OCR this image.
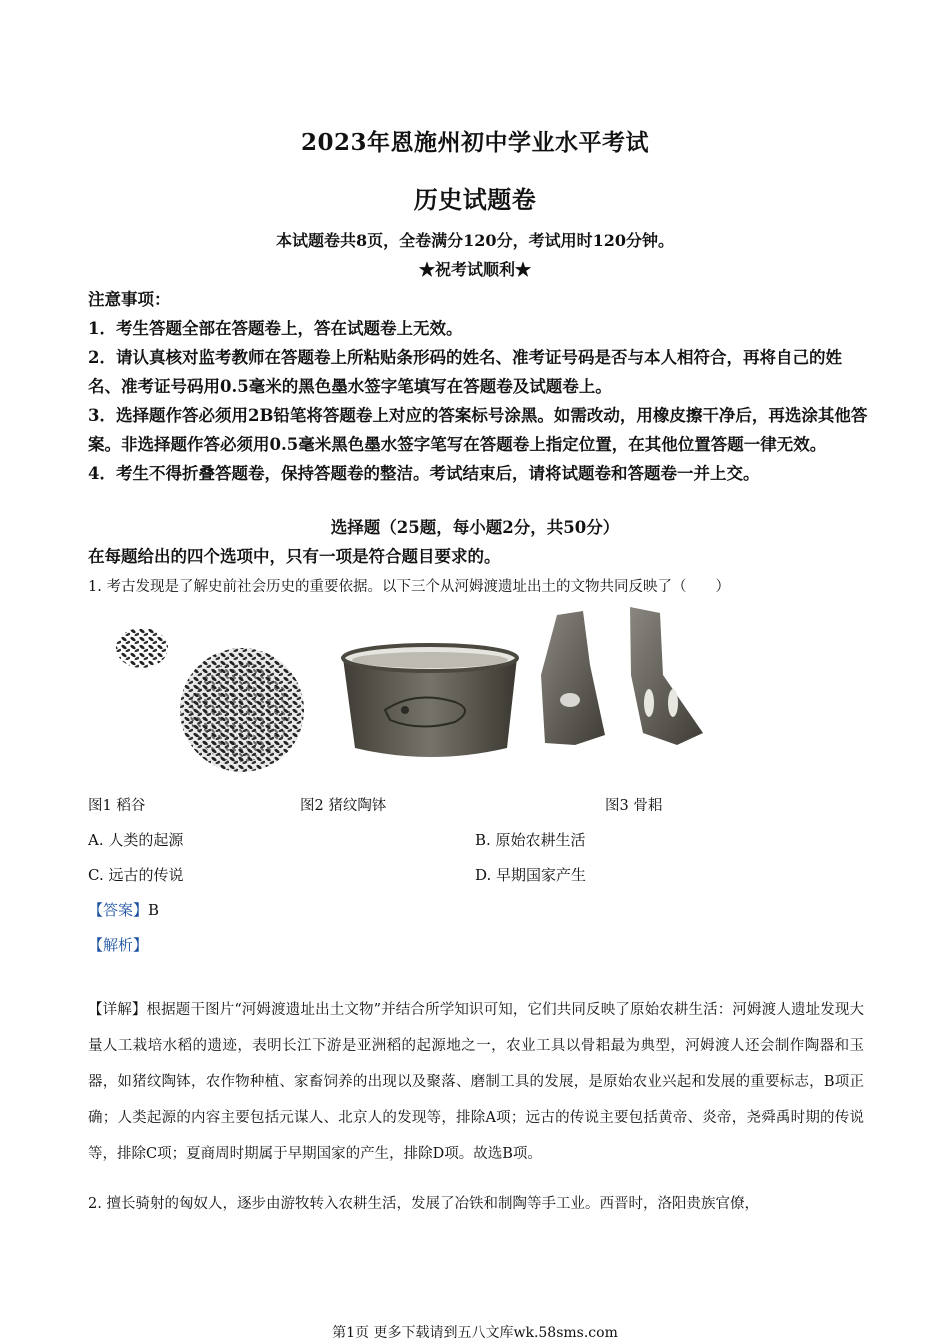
2023年恩施州初中学业水平考试
历史试题卷
本试题卷共8页，全卷满分120分，考试用时120分钟。
★祝考试顺利★
注意事项：

1．考生答题全部在答题卷上，答在试题卷上无效。

2．请认真核对监考教师在答题卷上所粘贴条形码的姓名、准考证号码是否与本人相符合，再将自己的姓名、准考证号码用0.5毫米的黑色墨水签字笔填写在答题卷及试题卷上。

3．选择题作答必须用2B铅笔将答题卷上对应的答案标号涂黑。如需改动，用橡皮擦干净后，再选涂其他答案。非选择题作答必须用0.5毫米黑色墨水签字笔写在答题卷上指定位置，在其他位置答题一律无效。

4．考生不得折叠答题卷，保持答题卷的整洁。考试结束后，请将试题卷和答题卷一并上交。

选择题（25题，每小题2分，共50分）
在每题给出的四个选项中，只有一项是符合题目要求的。
1. 考古发现是了解史前社会历史的重要依据。以下三个从河姆渡遗址出土的文物共同反映了（　　）
图1 稻谷	图2 猪纹陶钵	图3 骨耜
A. 人类的起源	B. 原始农耕生活
C. 远古的传说	D. 早期国家产生
【答案】B
【解析】
【详解】根据题干图片“河姆渡遗址出土文物”并结合所学知识可知，它们共同反映了原始农耕生活：河姆渡人遗址发现大量人工栽培水稻的遗迹，表明长江下游是亚洲稻的起源地之一，农业工具以骨耜最为典型，河姆渡人还会制作陶器和玉器，如猪纹陶钵，农作物种植、家畜饲养的出现以及聚落、磨制工具的发展，是原始农业兴起和发展的重要标志，B项正确；人类起源的内容主要包括元谋人、北京人的发现等，排除A项；远古的传说主要包括黄帝、炎帝，尧舜禹时期的传说等，排除C项；夏商周时期属于早期国家的产生，排除D项。故选B项。
2. 擅长骑射的匈奴人，逐步由游牧转入农耕生活，发展了冶铁和制陶等手工业。西晋时，洛阳贵族官僚，
第1页 更多下载请到五八文库wk.58sms.com
